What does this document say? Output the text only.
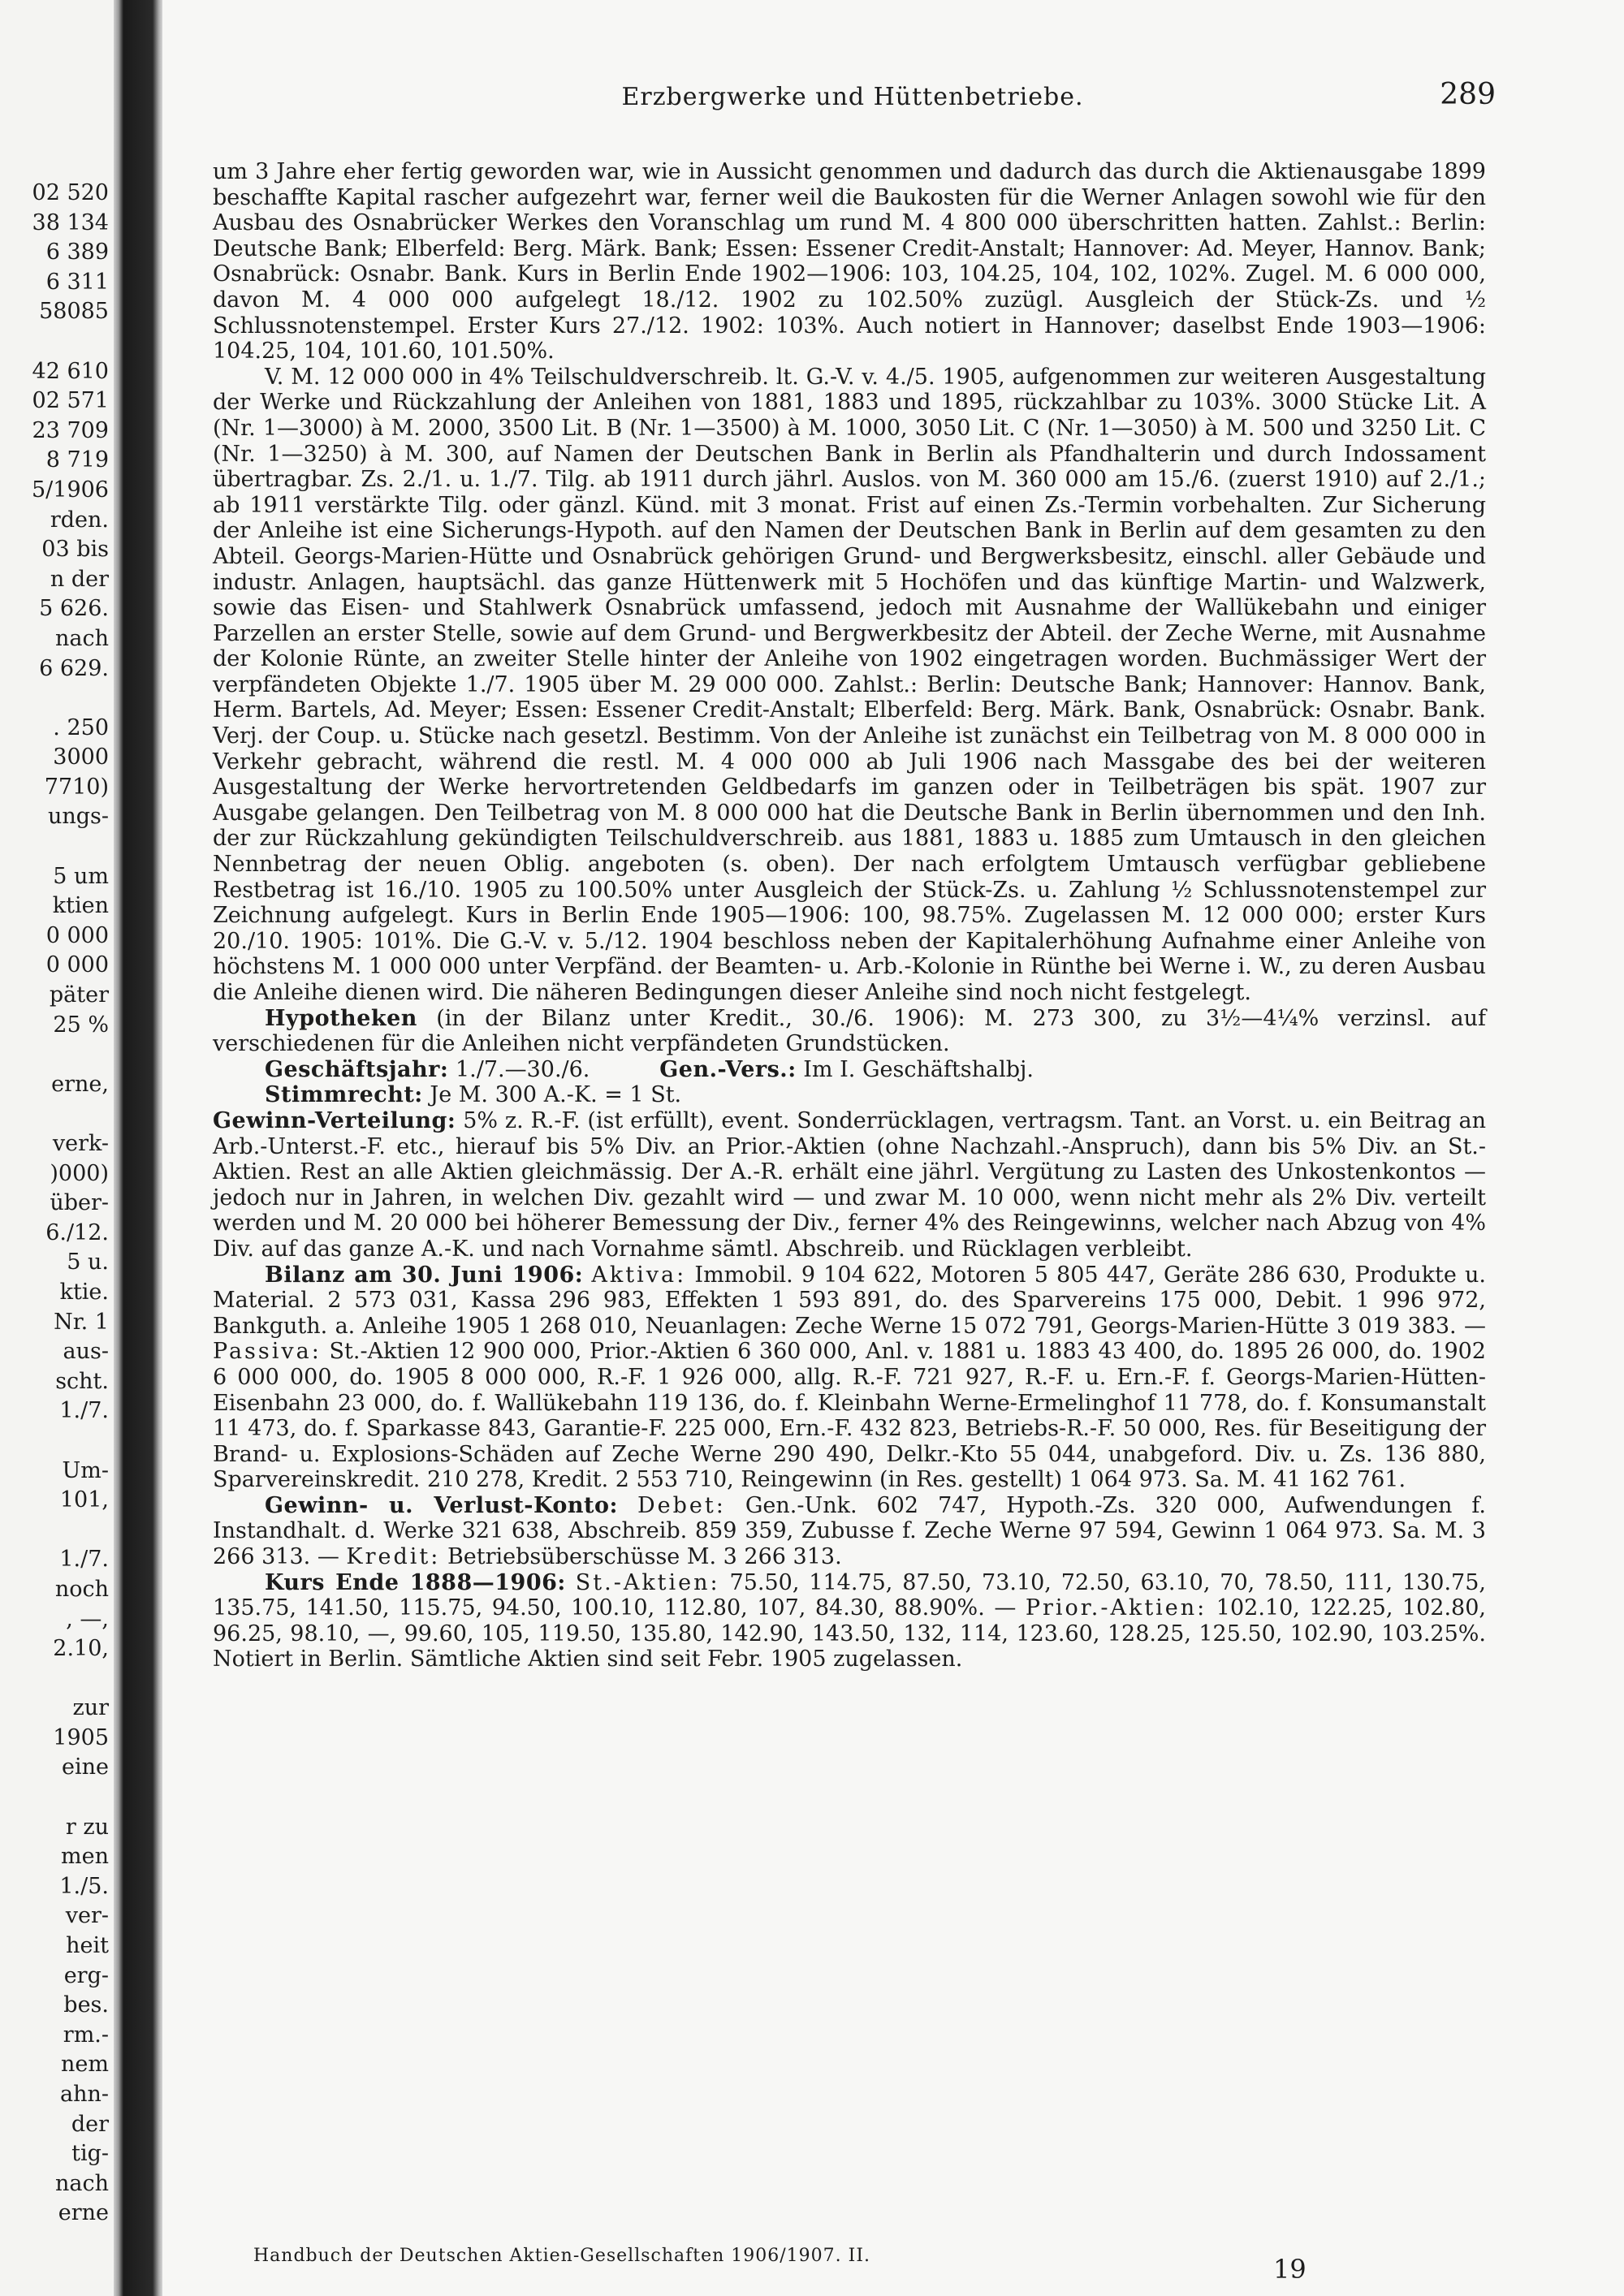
02 520
38 134
6 389
6 311
58085
42 610
02 571
23 709
8 719
5/1906
rden.
03 bis
n der
5 626.
nach
6 629.
. 250
3000
7710)
ungs-
5 um
ktien
0 000
0 000
päter
25 %
erne,
verk-
)000)
über-
6./12.
5 u.
ktie.
Nr. 1
aus-
scht.
1./7.
Um-
101,
1./7.
noch
, —,
2.10,
zur
1905
eine
r zu
men
1./5.
ver-
heit
erg-
bes.
rm.-
nem
ahn-
der
tig-
nach
erne
Erzbergwerke und Hüttenbetriebe.	289

um 3 Jahre eher fertig geworden war, wie in Aussicht genommen und dadurch das durch die Aktienausgabe 1899 beschaffte Kapital rascher aufgezehrt war, ferner weil die Baukosten für die Werner Anlagen sowohl wie für den Ausbau des Osnabrücker Werkes den Voranschlag um rund M. 4 800 000 überschritten hatten. Zahlst.: Berlin: Deutsche Bank; Elberfeld: Berg. Märk. Bank; Essen: Essener Credit-Anstalt; Hannover: Ad. Meyer, Hannov. Bank; Osnabrück: Osnabr. Bank. Kurs in Berlin Ende 1902—1906: 103, 104.25, 104, 102, 102%. Zugel. M. 6 000 000, davon M. 4 000 000 aufgelegt 18./12. 1902 zu 102.50% zuzügl. Ausgleich der Stück-Zs. und ½ Schlussnotenstempel. Erster Kurs 27./12. 1902: 103%. Auch notiert in Hannover; daselbst Ende 1903—1906: 104.25, 104, 101.60, 101.50%.

V. M. 12 000 000 in 4% Teilschuldverschreib. lt. G.-V. v. 4./5. 1905, aufgenommen zur weiteren Ausgestaltung der Werke und Rückzahlung der Anleihen von 1881, 1883 und 1895, rückzahlbar zu 103%. 3000 Stücke Lit. A (Nr. 1—3000) à M. 2000, 3500 Lit. B (Nr. 1—3500) à M. 1000, 3050 Lit. C (Nr. 1—3050) à M. 500 und 3250 Lit. C (Nr. 1—3250) à M. 300, auf Namen der Deutschen Bank in Berlin als Pfandhalterin und durch Indossament übertragbar. Zs. 2./1. u. 1./7. Tilg. ab 1911 durch jährl. Auslos. von M. 360 000 am 15./6. (zuerst 1910) auf 2./1.; ab 1911 verstärkte Tilg. oder gänzl. Künd. mit 3 monat. Frist auf einen Zs.-Termin vorbehalten. Zur Sicherung der Anleihe ist eine Sicherungs-Hypoth. auf den Namen der Deutschen Bank in Berlin auf dem gesamten zu den Abteil. Georgs-Marien-Hütte und Osnabrück gehörigen Grund- und Bergwerksbesitz, einschl. aller Gebäude und industr. Anlagen, hauptsächl. das ganze Hüttenwerk mit 5 Hochöfen und das künftige Martin- und Walzwerk, sowie das Eisen- und Stahlwerk Osnabrück umfassend, jedoch mit Ausnahme der Wallükebahn und einiger Parzellen an erster Stelle, sowie auf dem Grund- und Bergwerkbesitz der Abteil. der Zeche Werne, mit Ausnahme der Kolonie Rünte, an zweiter Stelle hinter der Anleihe von 1902 eingetragen worden. Buchmässiger Wert der verpfändeten Objekte 1./7. 1905 über M. 29 000 000. Zahlst.: Berlin: Deutsche Bank; Hannover: Hannov. Bank, Herm. Bartels, Ad. Meyer; Essen: Essener Credit-Anstalt; Elberfeld: Berg. Märk. Bank, Osnabrück: Osnabr. Bank. Verj. der Coup. u. Stücke nach gesetzl. Bestimm. Von der Anleihe ist zunächst ein Teilbetrag von M. 8 000 000 in Verkehr gebracht, während die restl. M. 4 000 000 ab Juli 1906 nach Massgabe des bei der weiteren Ausgestaltung der Werke hervortretenden Geldbedarfs im ganzen oder in Teilbeträgen bis spät. 1907 zur Ausgabe gelangen. Den Teilbetrag von M. 8 000 000 hat die Deutsche Bank in Berlin übernommen und den Inh. der zur Rückzahlung gekündigten Teilschuldverschreib. aus 1881, 1883 u. 1885 zum Umtausch in den gleichen Nennbetrag der neuen Oblig. angeboten (s. oben). Der nach erfolgtem Umtausch verfügbar gebliebene Restbetrag ist 16./10. 1905 zu 100.50% unter Ausgleich der Stück-Zs. u. Zahlung ½ Schlussnotenstempel zur Zeichnung aufgelegt. Kurs in Berlin Ende 1905—1906: 100, 98.75%. Zugelassen M. 12 000 000; erster Kurs 20./10. 1905: 101%. Die G.-V. v. 5./12. 1904 beschloss neben der Kapitalerhöhung Aufnahme einer Anleihe von höchstens M. 1 000 000 unter Verpfänd. der Beamten- u. Arb.-Kolonie in Rünthe bei Werne i. W., zu deren Ausbau die Anleihe dienen wird. Die näheren Bedingungen dieser Anleihe sind noch nicht festgelegt.

Hypotheken (in der Bilanz unter Kredit., 30./6. 1906): M. 273 300, zu 3½—4¼% verzinsl. auf verschiedenen für die Anleihen nicht verpfändeten Grundstücken.

Geschäftsjahr: 1./7.—30./6.	Gen.-Vers.: Im I. Geschäftshalbj.

Stimmrecht: Je M. 300 A.-K. = 1 St.

Gewinn-Verteilung: 5% z. R.-F. (ist erfüllt), event. Sonderrücklagen, vertragsm. Tant. an Vorst. u. ein Beitrag an Arb.-Unterst.-F. etc., hierauf bis 5% Div. an Prior.-Aktien (ohne Nachzahl.-Anspruch), dann bis 5% Div. an St.-Aktien. Rest an alle Aktien gleichmässig. Der A.-R. erhält eine jährl. Vergütung zu Lasten des Unkostenkontos — jedoch nur in Jahren, in welchen Div. gezahlt wird — und zwar M. 10 000, wenn nicht mehr als 2% Div. verteilt werden und M. 20 000 bei höherer Bemessung der Div., ferner 4% des Reingewinns, welcher nach Abzug von 4% Div. auf das ganze A.-K. und nach Vornahme sämtl. Abschreib. und Rücklagen verbleibt.

Bilanz am 30. Juni 1906: Aktiva: Immobil. 9 104 622, Motoren 5 805 447, Geräte 286 630, Produkte u. Material. 2 573 031, Kassa 296 983, Effekten 1 593 891, do. des Sparvereins 175 000, Debit. 1 996 972, Bankguth. a. Anleihe 1905 1 268 010, Neuanlagen: Zeche Werne 15 072 791, Georgs-Marien-Hütte 3 019 383. — Passiva: St.-Aktien 12 900 000, Prior.-Aktien 6 360 000, Anl. v. 1881 u. 1883 43 400, do. 1895 26 000, do. 1902 6 000 000, do. 1905 8 000 000, R.-F. 1 926 000, allg. R.-F. 721 927, R.-F. u. Ern.-F. f. Georgs-Marien-Hütten-Eisenbahn 23 000, do. f. Wallükebahn 119 136, do. f. Kleinbahn Werne-Ermelinghof 11 778, do. f. Konsumanstalt 11 473, do. f. Sparkasse 843, Garantie-F. 225 000, Ern.-F. 432 823, Betriebs-R.-F. 50 000, Res. für Beseitigung der Brand- u. Explosions-Schäden auf Zeche Werne 290 490, Delkr.-Kto 55 044, unabgeford. Div. u. Zs. 136 880, Sparvereinskredit. 210 278, Kredit. 2 553 710, Reingewinn (in Res. gestellt) 1 064 973. Sa. M. 41 162 761.

Gewinn- u. Verlust-Konto: Debet: Gen.-Unk. 602 747, Hypoth.-Zs. 320 000, Aufwendungen f. Instandhalt. d. Werke 321 638, Abschreib. 859 359, Zubusse f. Zeche Werne 97 594, Gewinn 1 064 973. Sa. M. 3 266 313. — Kredit: Betriebsüberschüsse M. 3 266 313.

Kurs Ende 1888—1906: St.-Aktien: 75.50, 114.75, 87.50, 73.10, 72.50, 63.10, 70, 78.50, 111, 130.75, 135.75, 141.50, 115.75, 94.50, 100.10, 112.80, 107, 84.30, 88.90%. — Prior.-Aktien: 102.10, 122.25, 102.80, 96.25, 98.10, —, 99.60, 105, 119.50, 135.80, 142.90, 143.50, 132, 114, 123.60, 128.25, 125.50, 102.90, 103.25%. Notiert in Berlin. Sämtliche Aktien sind seit Febr. 1905 zugelassen.

Handbuch der Deutschen Aktien-Gesellschaften 1906/1907. II.	19
